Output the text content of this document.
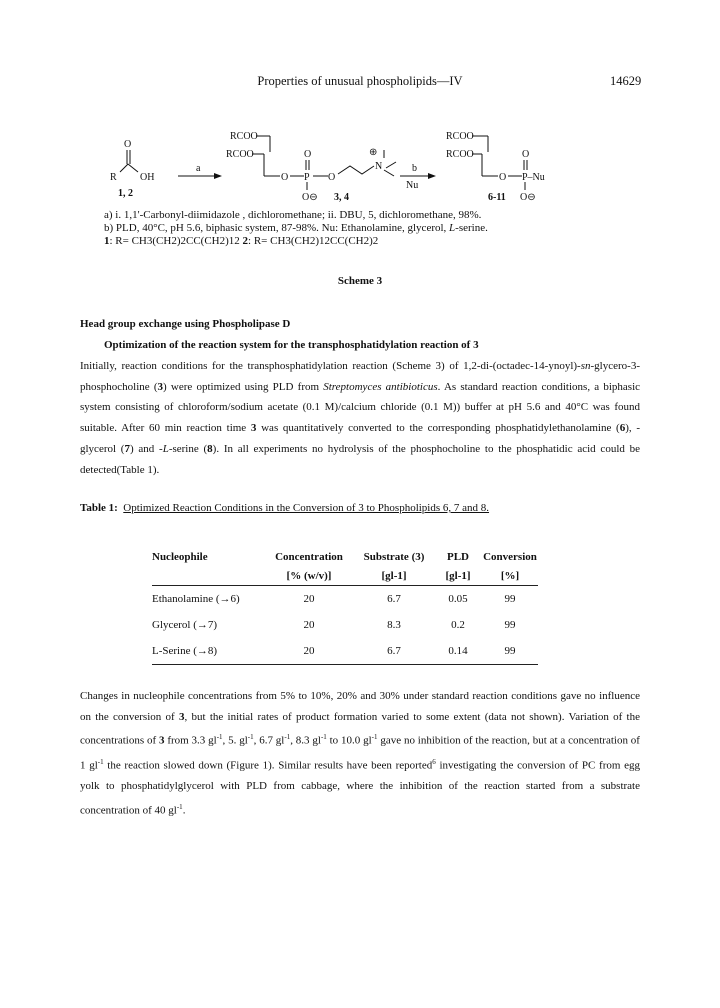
Properties of unusual phospholipids—IV	14629
O
R OH
1, 2
a
RCOO
RCOO
O
O
P
O⊖
O
⊕
N
3, 4
b
Nu
RCOO
RCOO
O
O
P–Nu
O⊖
6-11
a) i. 1,1'-Carbonyl-diimidazole , dichloromethane; ii. DBU, 5, dichloromethane, 98%.
b) PLD, 40°C, pH 5.6, biphasic system, 87-98%. Nu: Ethanolamine, glycerol, L-serine.
1: R= CH3(CH2)2CC(CH2)12 2: R= CH3(CH2)12CC(CH2)2
Scheme 3
Head group exchange using Phospholipase D
Optimization of the reaction system for the transphosphatidylation reaction of 3
Initially, reaction conditions for the transphosphatidylation reaction (Scheme 3) of 1,2-di-(octadec-14-ynoyl)-sn-glycero-3-phosphocholine (3) were optimized using PLD from Streptomyces antibioticus. As standard reaction conditions, a biphasic system consisting of chloroform/sodium acetate (0.1 M)/calcium chloride (0.1 M)) buffer at pH 5.6 and 40°C was found suitable. After 60 min reaction time 3 was quantitatively converted to the corresponding phosphatidylethanolamine (6), -glycerol (7) and -L-serine (8). In all experiments no hydrolysis of the phosphocholine to the phosphatidic acid could be detected(Table 1).
Table 1: Optimized Reaction Conditions in the Conversion of 3 to Phospholipids 6, 7 and 8.
Nucleophile	Concentration	Substrate (3)	PLD	Conversion
	[% (w/v)]	[gl-1]	[gl-1]	[%]
Ethanolamine (→6)	20	6.7	0.05	99
Glycerol (→7)	20	8.3	0.2	99
L-Serine (→8)	20	6.7	0.14	99
Changes in nucleophile concentrations from 5% to 10%, 20% and 30% under standard reaction conditions gave no influence on the conversion of 3, but the initial rates of product formation varied to some extent (data not shown). Variation of the concentrations of 3 from 3.3 $gl^{-1}$, 5. $gl^{-1}$, 6.7 $gl^{-1}$, 8.3 $gl^{-1}$ to 10.0 $gl^{-1}$ gave no inhibition of the reaction, but at a concentration of 1 $gl^{-1}$ the reaction slowed down (Figure 1). Similar results have been reported$^6$ investigating the conversion of PC from egg yolk to phosphatidylglycerol with PLD from cabbage, where the inhibition of the reaction started from a substrate concentration of 40 $gl^{-1}$.
